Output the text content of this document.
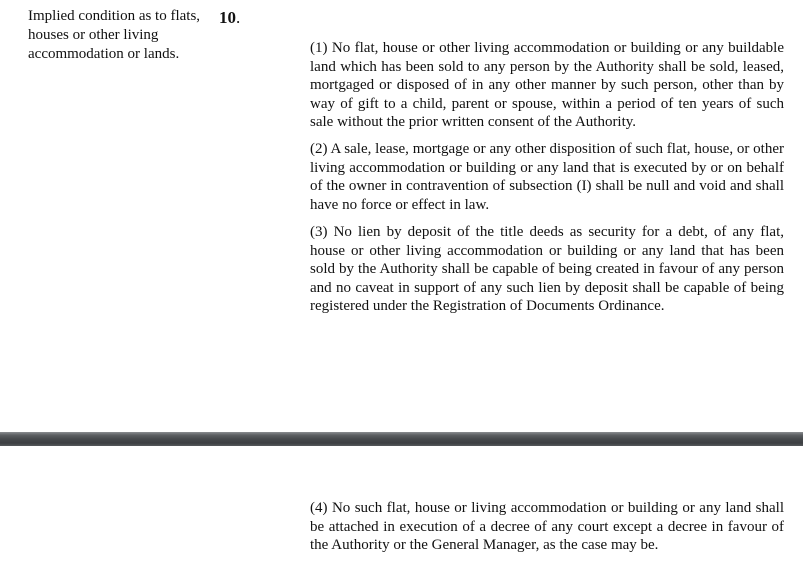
Implied condition as to flats, houses or other living accommodation or lands.
10.

(1) No flat, house or other living accommodation or building or any buildable land which has been sold to any person by the Authority shall be sold, leased, mortgaged or disposed of in any other manner by such person, other than by way of gift to a child, parent or spouse, within a period of ten years of such sale without the prior written consent of the Authority.

(2) A sale, lease, mortgage or any other disposition of such flat, house, or other living accommodation or building or any land that is executed by or on behalf of the owner in contravention of subsection (I) shall be null and void and shall have no force or effect in law.

(3) No lien by deposit of the title deeds as security for a debt, of any flat, house or other living accommodation or building or any land that has been sold by the Authority shall be capable of being created in favour of any person and no caveat in support of any such lien by deposit shall be capable of being registered under the Registration of Documents Ordinance.

(4) No such flat, house or living accommodation or building or any land shall be attached in execution of a decree of any court except a decree in favour of the Authority or the General Manager, as the case may be.
